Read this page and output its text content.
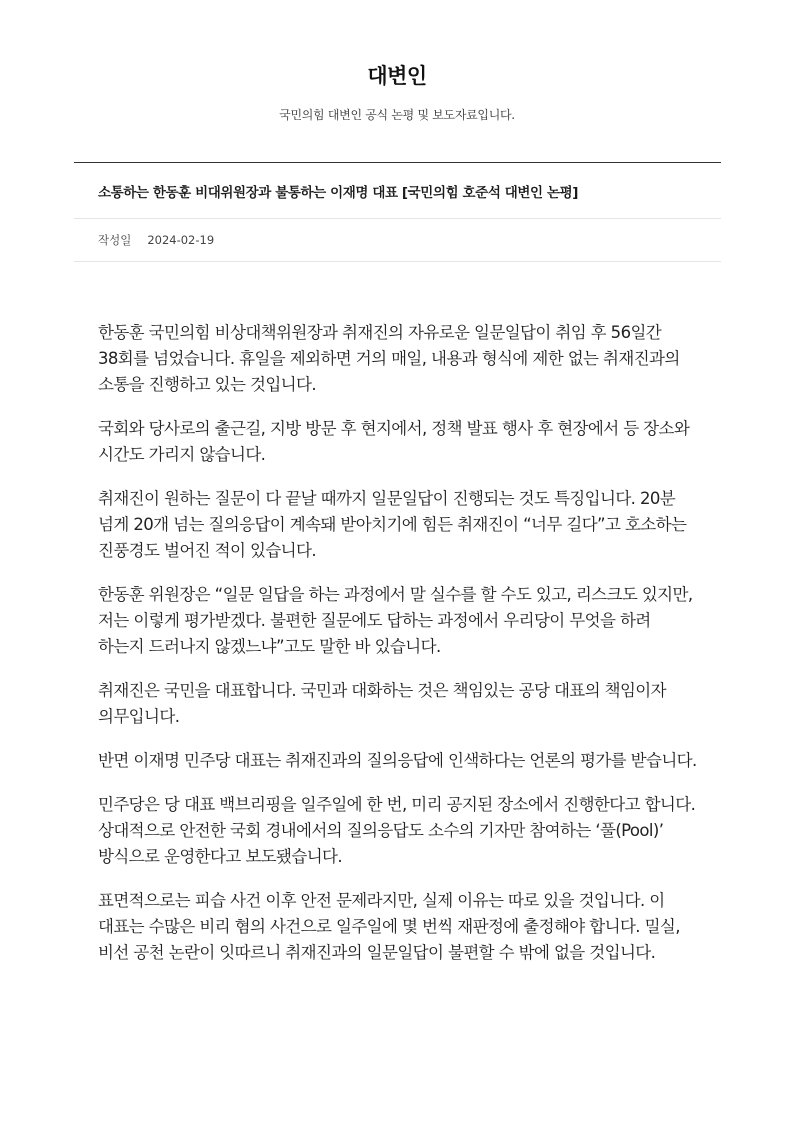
대변인

국민의힘 대변인 공식 논평 및 보도자료입니다.

소통하는 한동훈 비대위원장과 불통하는 이재명 대표 [국민의힘 호준석 대변인 논평]
작성일 2024-02-19

한동훈 국민의힘 비상대책위원장과 취재진의 자유로운 일문일답이 취임 후 56일간 38회를 넘었습니다. 휴일을 제외하면 거의 매일, 내용과 형식에 제한 없는 취재진과의 소통을 진행하고 있는 것입니다.

국회와 당사로의 출근길, 지방 방문 후 현지에서, 정책 발표 행사 후 현장에서 등 장소와 시간도 가리지 않습니다.

취재진이 원하는 질문이 다 끝날 때까지 일문일답이 진행되는 것도 특징입니다. 20분 넘게 20개 넘는 질의응답이 계속돼 받아치기에 힘든 취재진이 “너무 길다”고 호소하는 진풍경도 벌어진 적이 있습니다.

한동훈 위원장은 “일문 일답을 하는 과정에서 말 실수를 할 수도 있고, 리스크도 있지만, 저는 이렇게 평가받겠다. 불편한 질문에도 답하는 과정에서 우리당이 무엇을 하려 하는지 드러나지 않겠느냐”고도 말한 바 있습니다.

취재진은 국민을 대표합니다. 국민과 대화하는 것은 책임있는 공당 대표의 책임이자 의무입니다.

반면 이재명 민주당 대표는 취재진과의 질의응답에 인색하다는 언론의 평가를 받습니다.

민주당은 당 대표 백브리핑을 일주일에 한 번, 미리 공지된 장소에서 진행한다고 합니다. 상대적으로 안전한 국회 경내에서의 질의응답도 소수의 기자만 참여하는 ‘풀(Pool)’ 방식으로 운영한다고 보도됐습니다.

표면적으로는 피습 사건 이후 안전 문제라지만, 실제 이유는 따로 있을 것입니다. 이 대표는 수많은 비리 혐의 사건으로 일주일에 몇 번씩 재판정에 출정해야 합니다. 밀실, 비선 공천 논란이 잇따르니 취재진과의 일문일답이 불편할 수 밖에 없을 것입니다.
